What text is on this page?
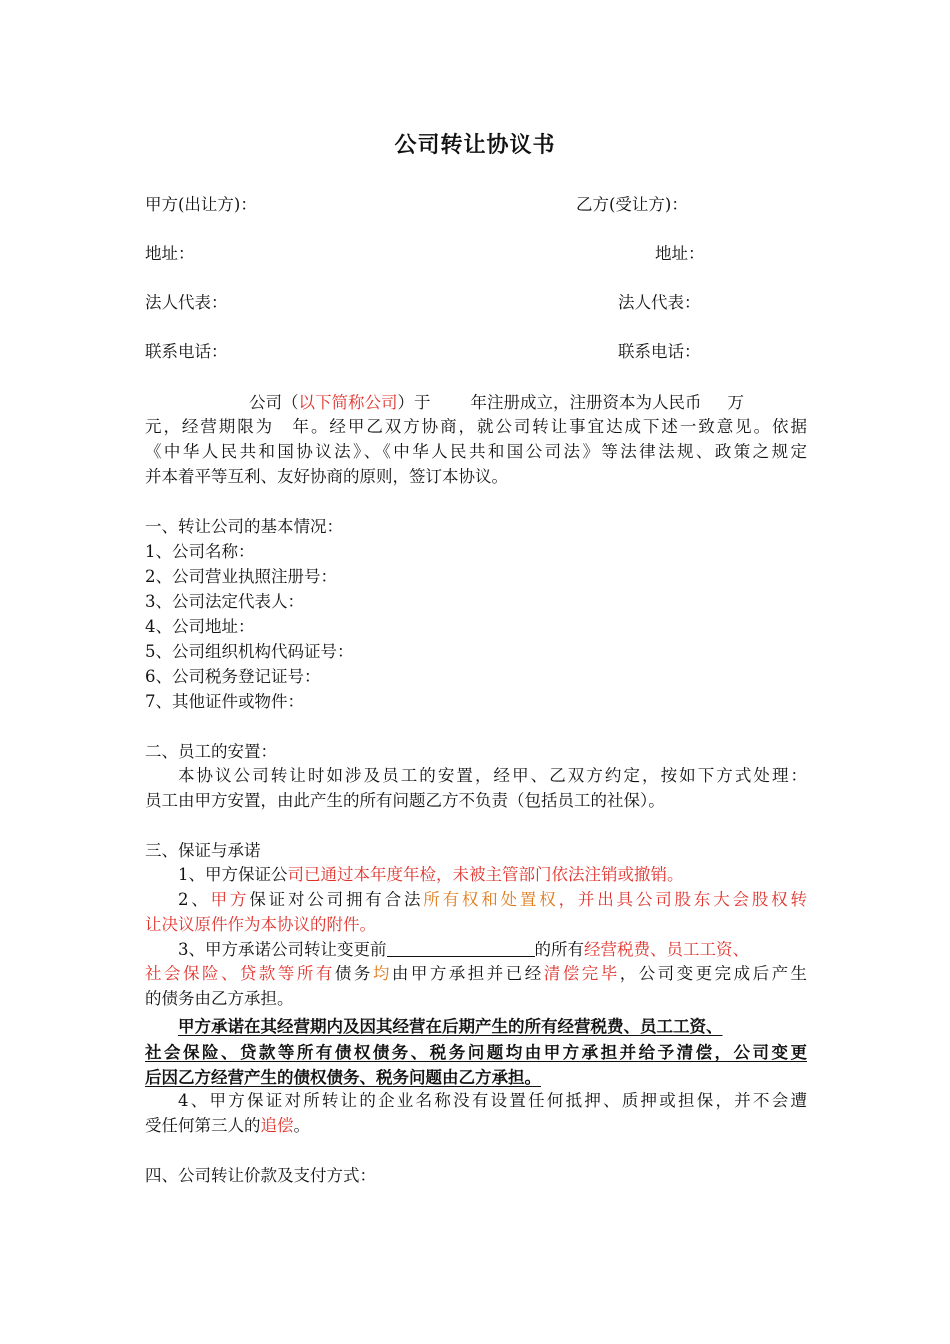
公司转让协议书
甲方(出让方)：	乙方(受让方)：
地址：	地址：
法人代表：	法人代表：
联系电话：	联系电话：
公司（以下简称公司）于 年注册成立，注册资本为人民币 万
元，经营期限为　年。经甲乙双方协商，就公司转让事宜达成下述一致意见。依据
《中华人民共和国协议法》、《中华人民共和国公司法》等法律法规、政策之规定
并本着平等互利、友好协商的原则，签订本协议。
一、转让公司的基本情况：
1、公司名称：
2、公司营业执照注册号：
3、公司法定代表人：
4、公司地址：
5、公司组织机构代码证号：
6、公司税务登记证号：
7、其他证件或物件：
二、员工的安置：
本协议公司转让时如涉及员工的安置，经甲、乙双方约定，按如下方式处理：
员工由甲方安置，由此产生的所有问题乙方不负责（包括员工的社保）。
三、保证与承诺
1、甲方保证公司已通过本年度年检，未被主管部门依法注销或撤销。
2、甲方保证对公司拥有合法所有权和处置权，并出具公司股东大会股权转
让决议原件作为本协议的附件。
3、甲方承诺公司转让变更前	的所有经营税费、员工工资、
社会保险、贷款等所有债务均由甲方承担并已经清偿完毕，公司变更完成后产生
的债务由乙方承担。
甲方承诺在其经营期内及因其经营在后期产生的所有经营税费、员工工资、
社会保险、贷款等所有债权债务、税务问题均由甲方承担并给予清偿，公司变更
后因乙方经营产生的债权债务、税务问题由乙方承担。
4、甲方保证对所转让的企业名称没有设置任何抵押、质押或担保，并不会遭
受任何第三人的追偿。
四、公司转让价款及支付方式：
